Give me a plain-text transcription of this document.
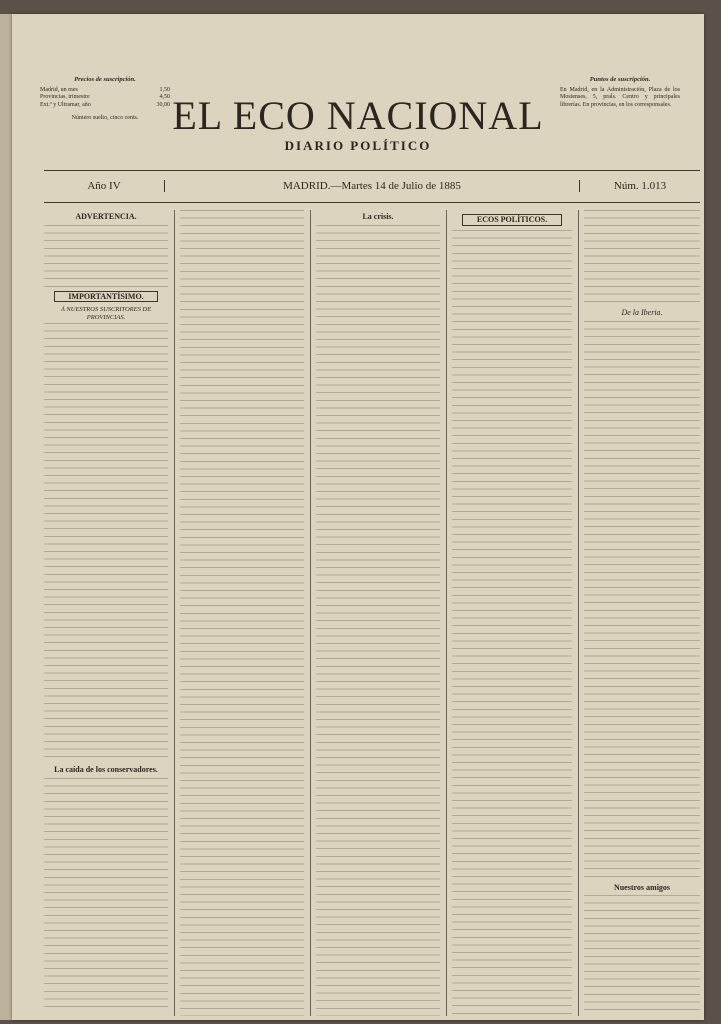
Precios de suscripción.
Madrid, un mes	1,50
Provincias, trimestre	4,50
Ext.º y Ultramar, año	30,00
Número suelto, cinco cents. EL ECO NACIONAL
DIARIO POLÍTICO
Puntos de suscripción.
En Madrid, en la Administración, Plaza de los Mostenses, 5, prals. Centro y principales librerías. En provincias, en los corresponsales.
Año IV	MADRID.—Martes 14 de Julio de 1885	Núm. 1.013
ADVERTENCIA.
IMPORTANTÍSIMO.
Á NUESTROS SUSCRITORES DE PROVINCIAS.
La caída de los conservadores.
La crisis.	ECOS POLÍTICOS.
De la Iberia.
Nuestros amigos
